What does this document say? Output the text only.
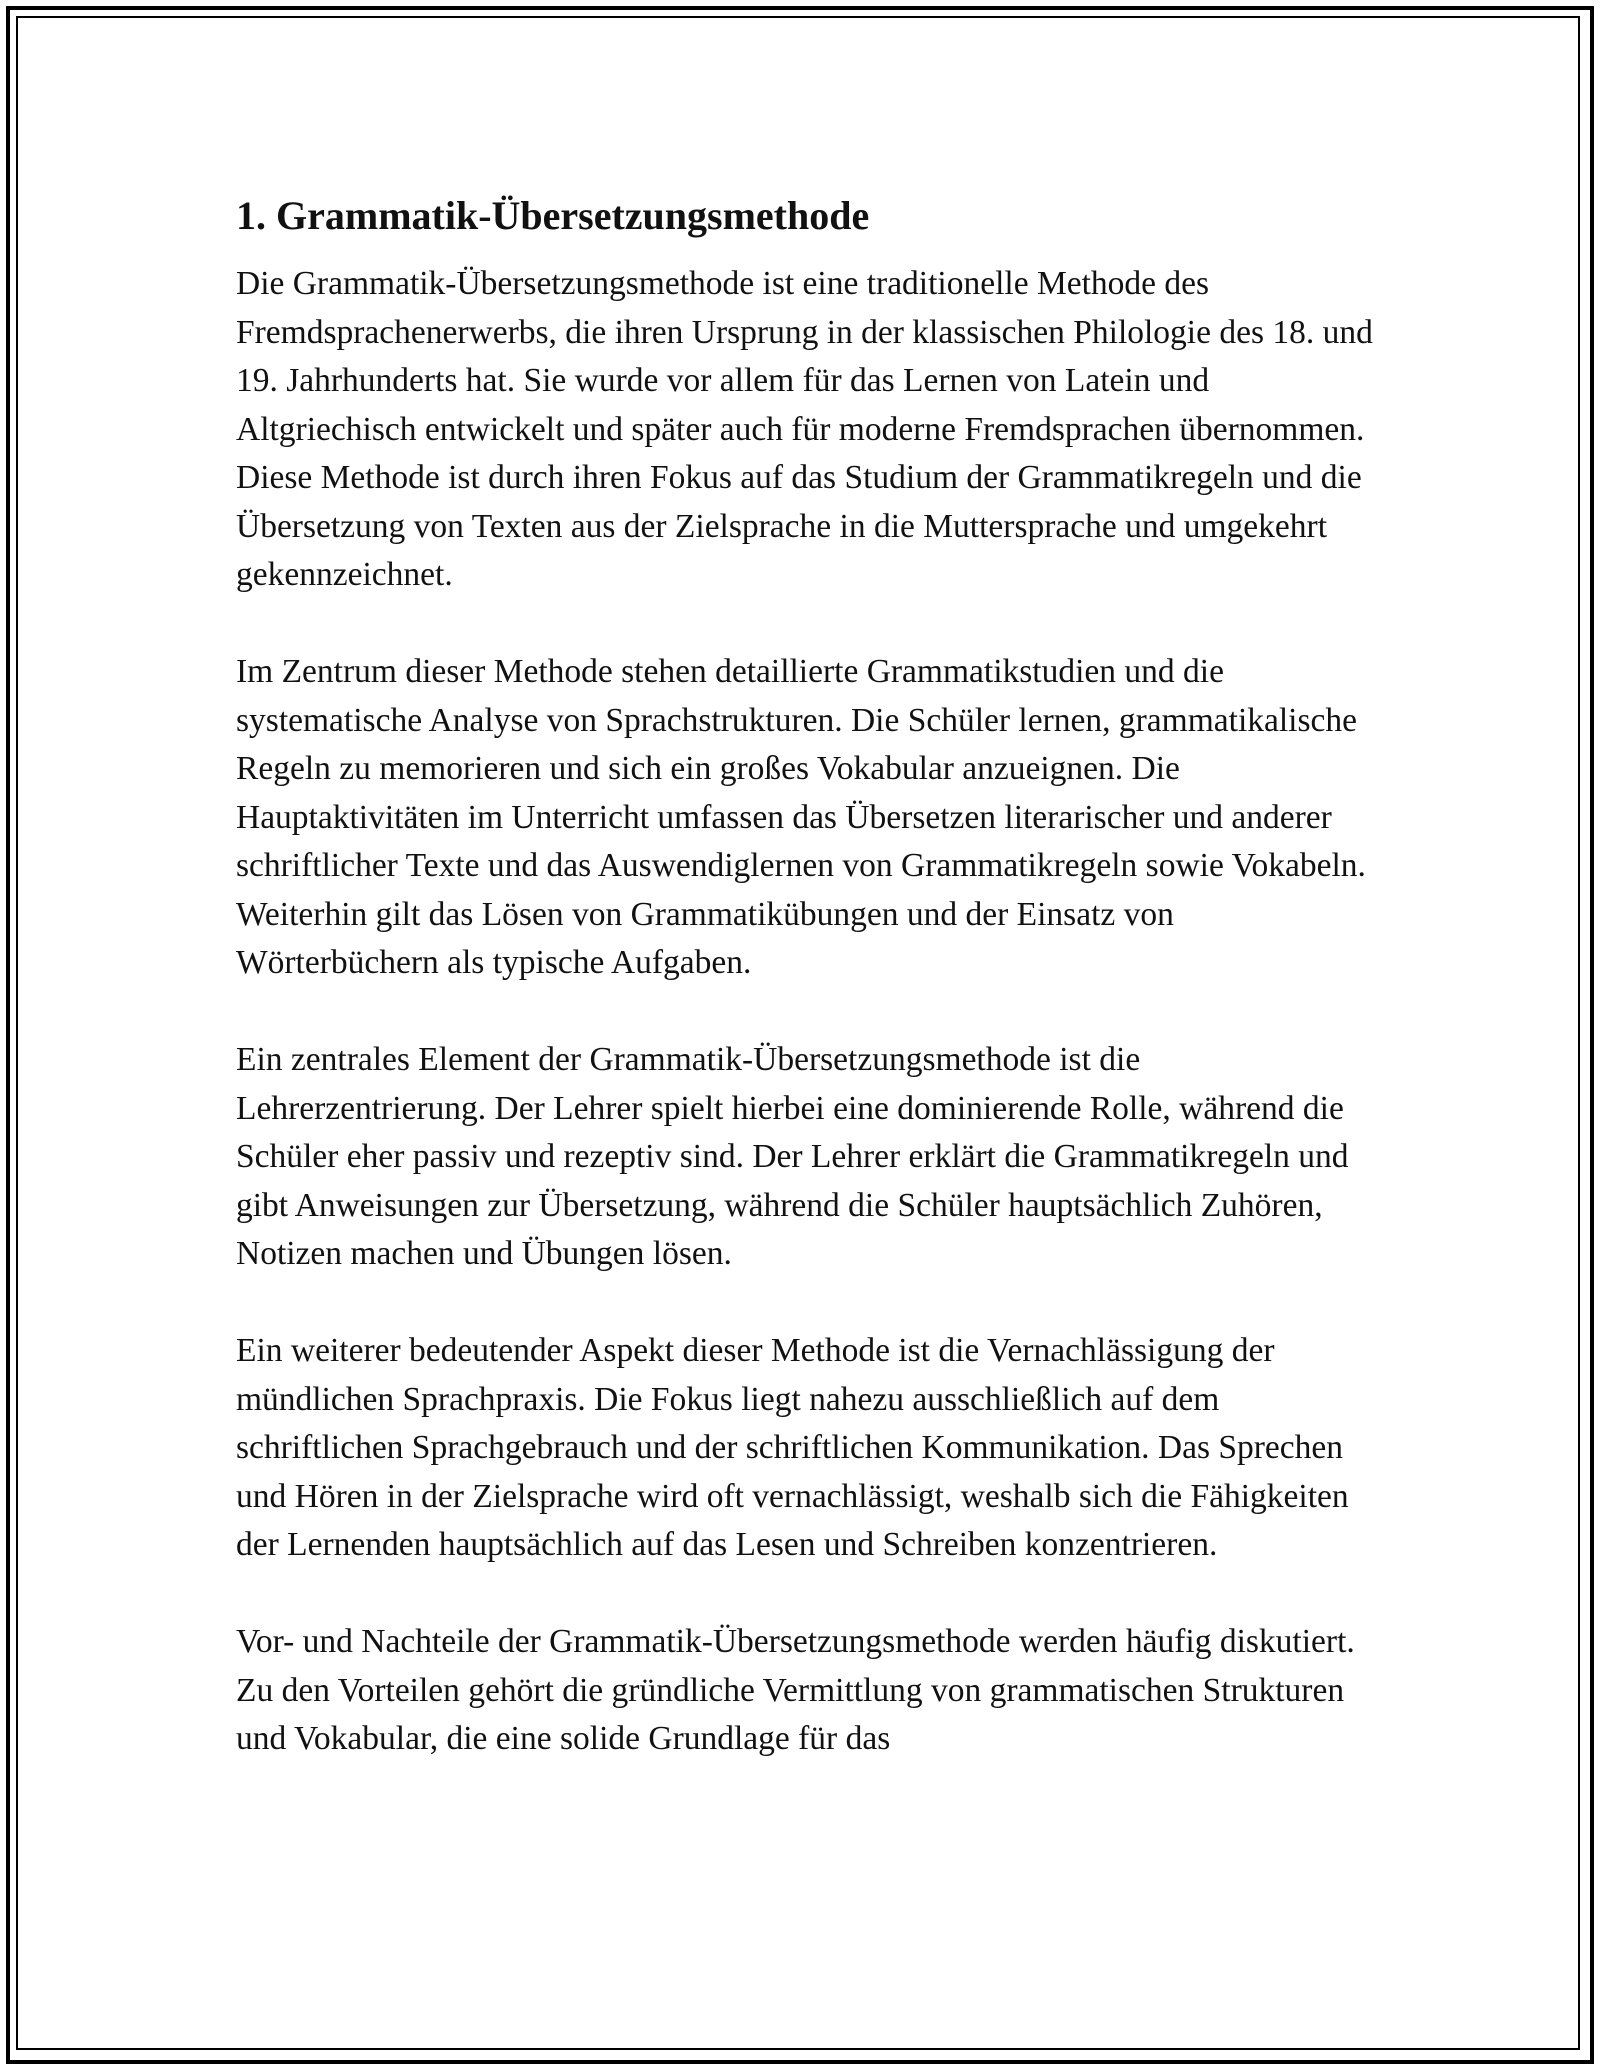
1. Grammatik-Übersetzungsmethode

Die Grammatik-Übersetzungsmethode ist eine traditionelle Methode des Fremdsprachenerwerbs, die ihren Ursprung in der klassischen Philologie des 18. und 19. Jahrhunderts hat. Sie wurde vor allem für das Lernen von Latein und Altgriechisch entwickelt und später auch für moderne Fremdsprachen übernommen. Diese Methode ist durch ihren Fokus auf das Studium der Grammatikregeln und die Übersetzung von Texten aus der Zielsprache in die Muttersprache und umgekehrt gekennzeichnet.

Im Zentrum dieser Methode stehen detaillierte Grammatikstudien und die systematische Analyse von Sprachstrukturen. Die Schüler lernen, grammatikalische Regeln zu memorieren und sich ein großes Vokabular anzueignen. Die Hauptaktivitäten im Unterricht umfassen das Übersetzen literarischer und anderer schriftlicher Texte und das Auswendiglernen von Grammatikregeln sowie Vokabeln. Weiterhin gilt das Lösen von Grammatikübungen und der Einsatz von Wörterbüchern als typische Aufgaben.

Ein zentrales Element der Grammatik-Übersetzungsmethode ist die Lehrerzentrierung. Der Lehrer spielt hierbei eine dominierende Rolle, während die Schüler eher passiv und rezeptiv sind. Der Lehrer erklärt die Grammatikregeln und gibt Anweisungen zur Übersetzung, während die Schüler hauptsächlich Zuhören, Notizen machen und Übungen lösen.

Ein weiterer bedeutender Aspekt dieser Methode ist die Vernachlässigung der mündlichen Sprachpraxis. Die Fokus liegt nahezu ausschließlich auf dem schriftlichen Sprachgebrauch und der schriftlichen Kommunikation. Das Sprechen und Hören in der Zielsprache wird oft vernachlässigt, weshalb sich die Fähigkeiten der Lernenden hauptsächlich auf das Lesen und Schreiben konzentrieren.

Vor- und Nachteile der Grammatik-Übersetzungsmethode werden häufig diskutiert. Zu den Vorteilen gehört die gründliche Vermittlung von grammatischen Strukturen und Vokabular, die eine solide Grundlage für das
